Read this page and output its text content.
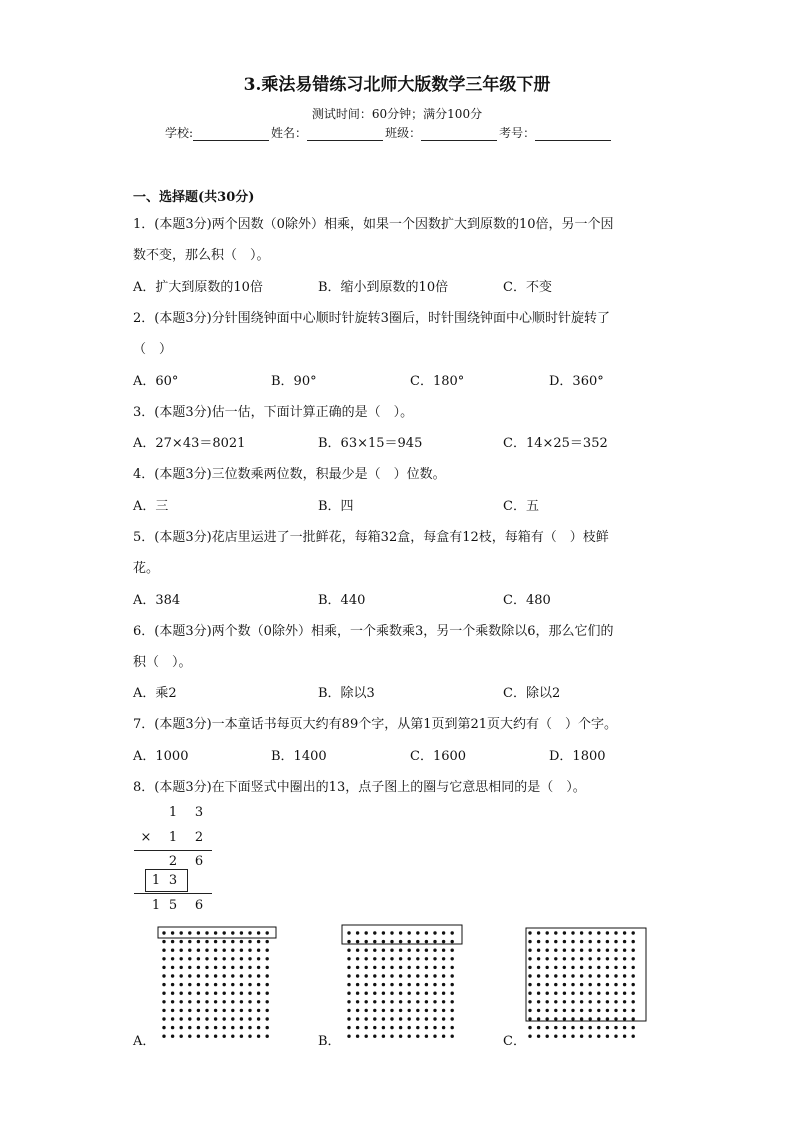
3.乘法易错练习北师大版数学三年级下册
测试时间：60分钟；满分100分
学校:	姓名：	班级：	考号：
一、选择题(共30分)
1．(本题3分)两个因数（0除外）相乘，如果一个因数扩大到原数的10倍，另一个因
数不变，那么积（　）。
A．扩大到原数的10倍	B．缩小到原数的10倍	C．不变
2．(本题3分)分针围绕钟面中心顺时针旋转3圈后，时针围绕钟面中心顺时针旋转了
（　）
A．60°	B．90°	C．180°	D．360°
3．(本题3分)估一估，下面计算正确的是（　）。
A．27×43＝8021	B．63×15＝945	C．14×25＝352
4．(本题3分)三位数乘两位数，积最少是（　）位数。
A．三	B．四	C．五
5．(本题3分)花店里运进了一批鲜花，每箱32盒，每盒有12枝，每箱有（　）枝鲜
花。
A．384	B．440	C．480
6．(本题3分)两个数（0除外）相乘，一个乘数乘3，另一个乘数除以6，那么它们的
积（　）。
A．乘2	B．除以3	C．除以2
7．(本题3分)一本童话书每页大约有89个字，从第1页到第21页大约有（　）个字。
A．1000	B．1400	C．1600	D．1800
8．(本题3分)在下面竖式中圈出的13，点子图上的圈与它意思相同的是（　）。
1	3
×	1	2
2	6
1 3
1 5	6
A．	B．	C．
